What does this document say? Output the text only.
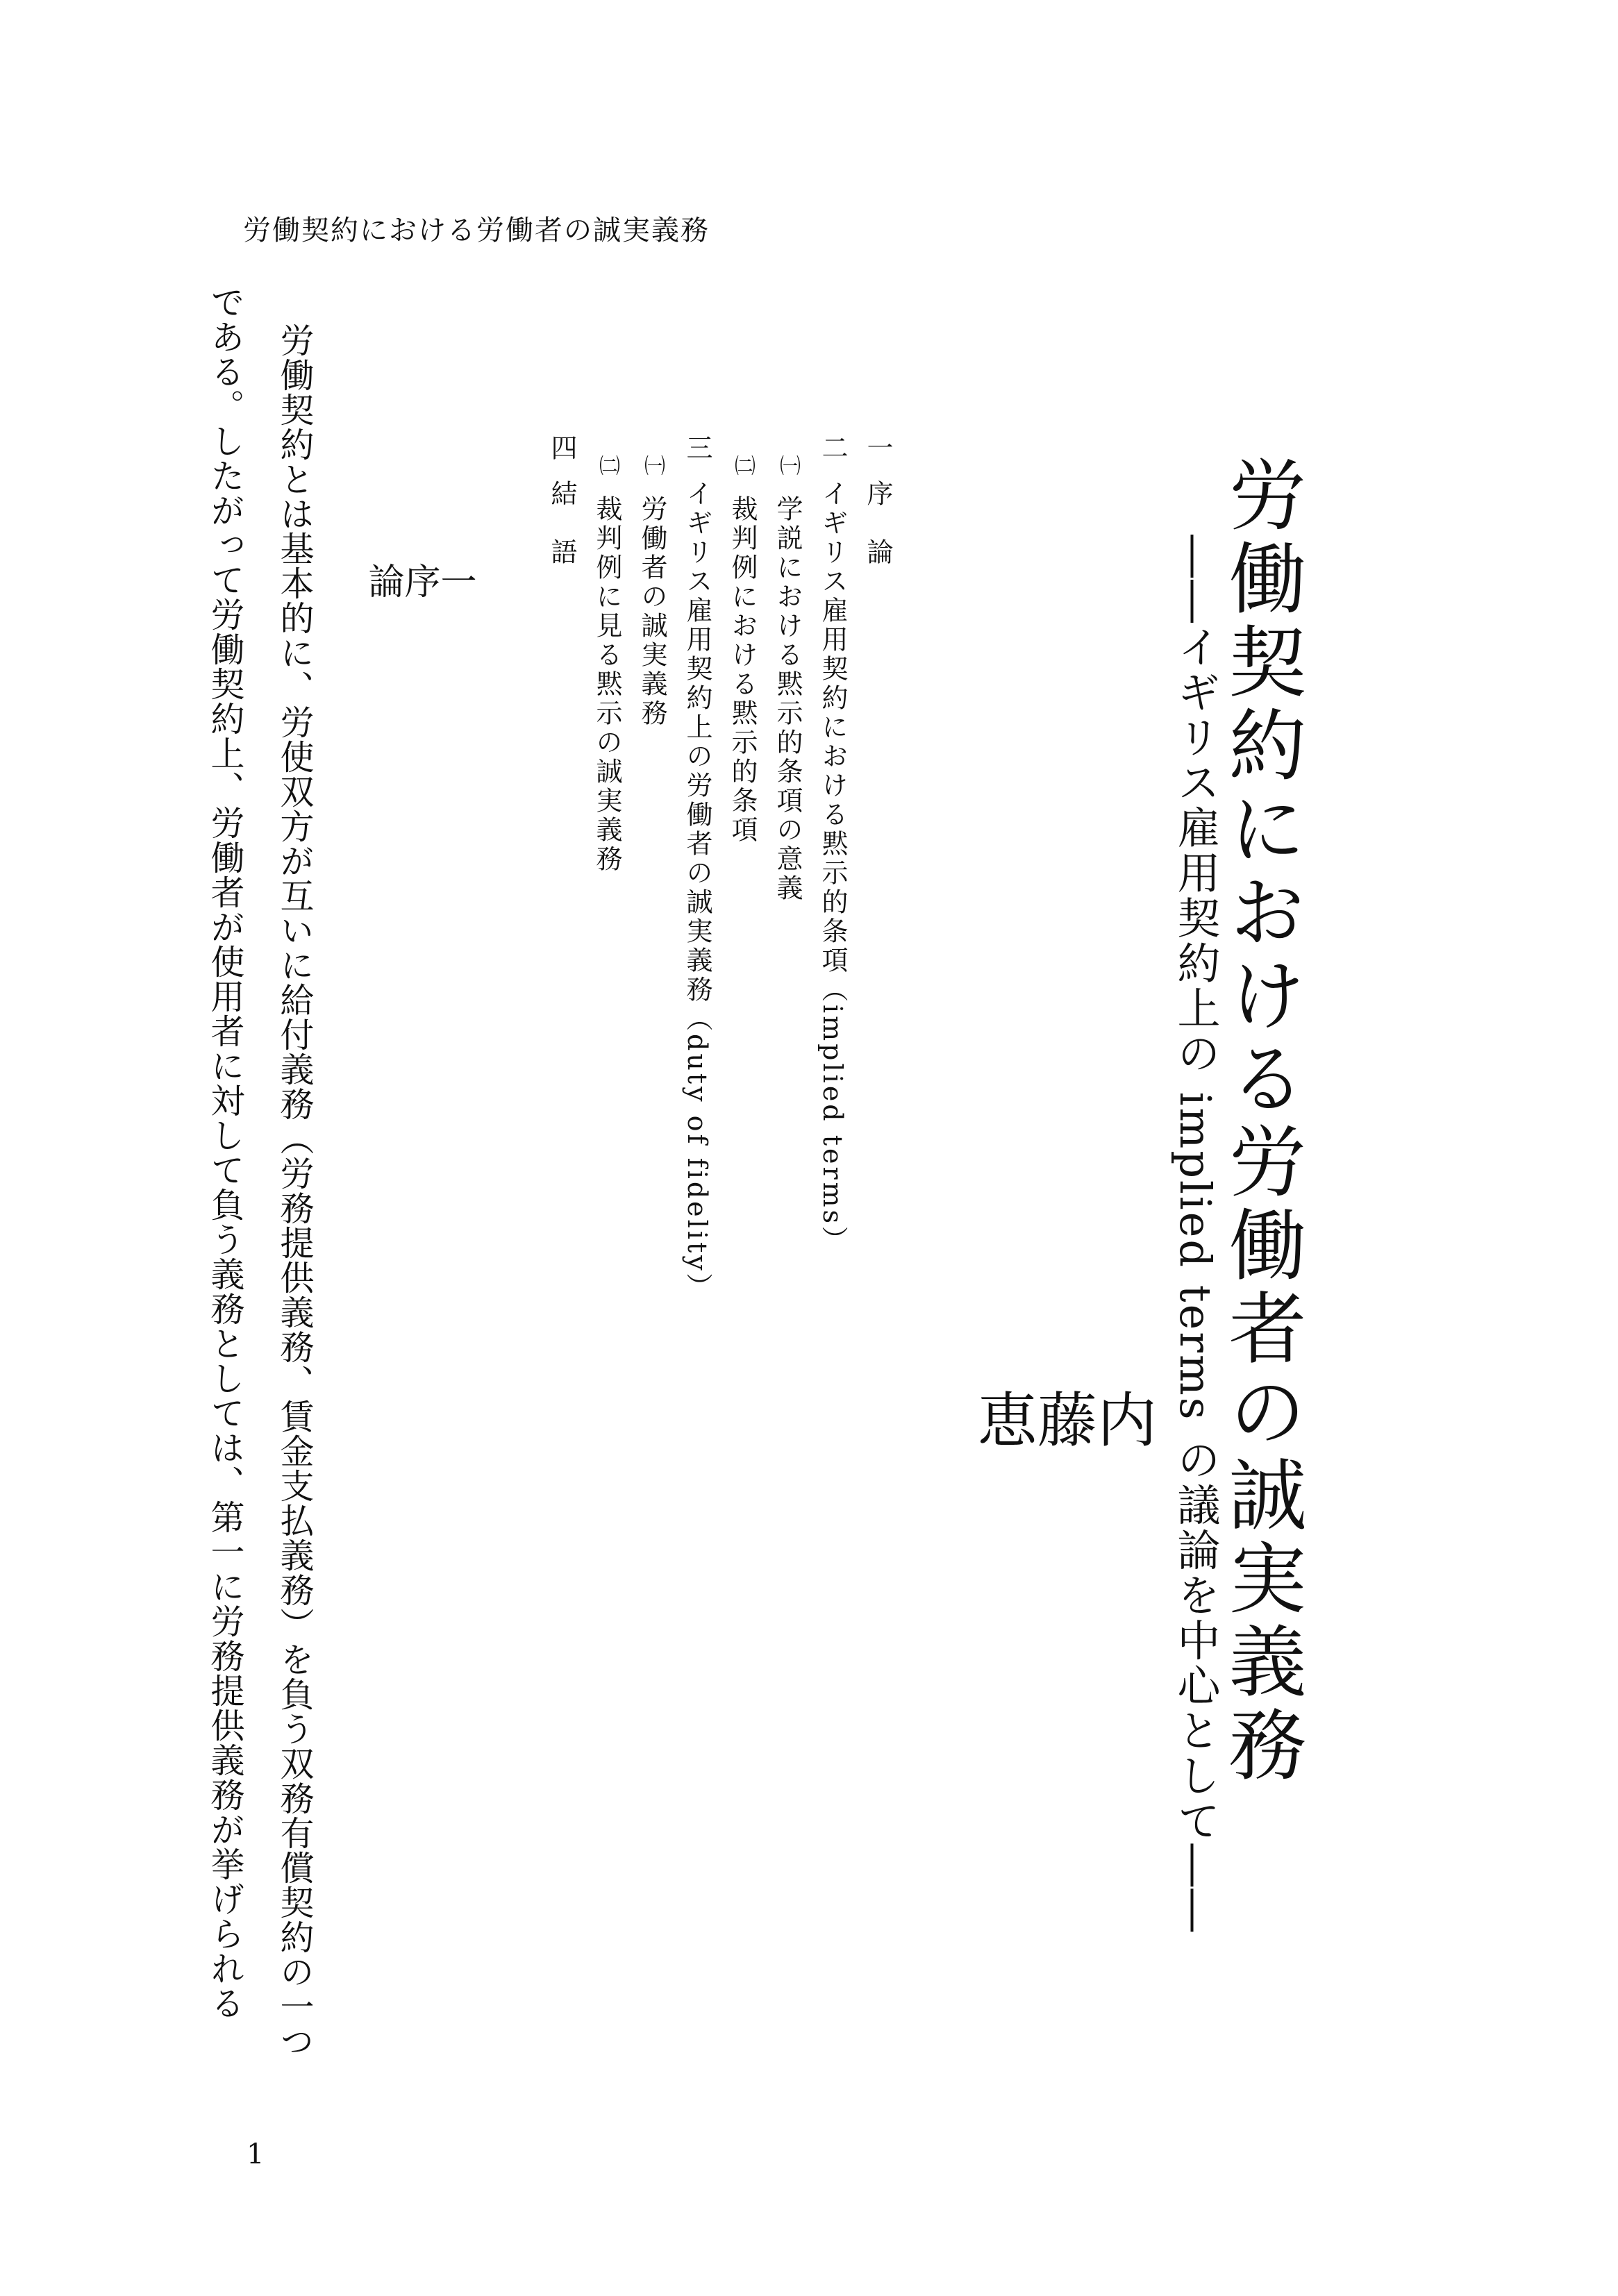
労働契約における労働者の誠実義務
労働契約における労働者の誠実義務
――イギリス雇用契約上の implied terms の議論を中心として――
内
藤
恵
一序　論
二イギリス雇用契約における黙示的条項（implied terms）
㈠学説における黙示的条項の意義
㈡裁判例における黙示的条項
三イギリス雇用契約上の労働者の誠実義務（duty of fidelity）
㈠労働者の誠実義務
㈡裁判例に見る黙示の誠実義務
四結　語
一
序
論
労働契約とは基本的に、労使双方が互いに給付義務（労務提供義務、賃金支払義務）を負う双務有償契約の一つ
である。したがって労働契約上、労働者が使用者に対して負う義務としては、第一に労務提供義務が挙げられる
1
